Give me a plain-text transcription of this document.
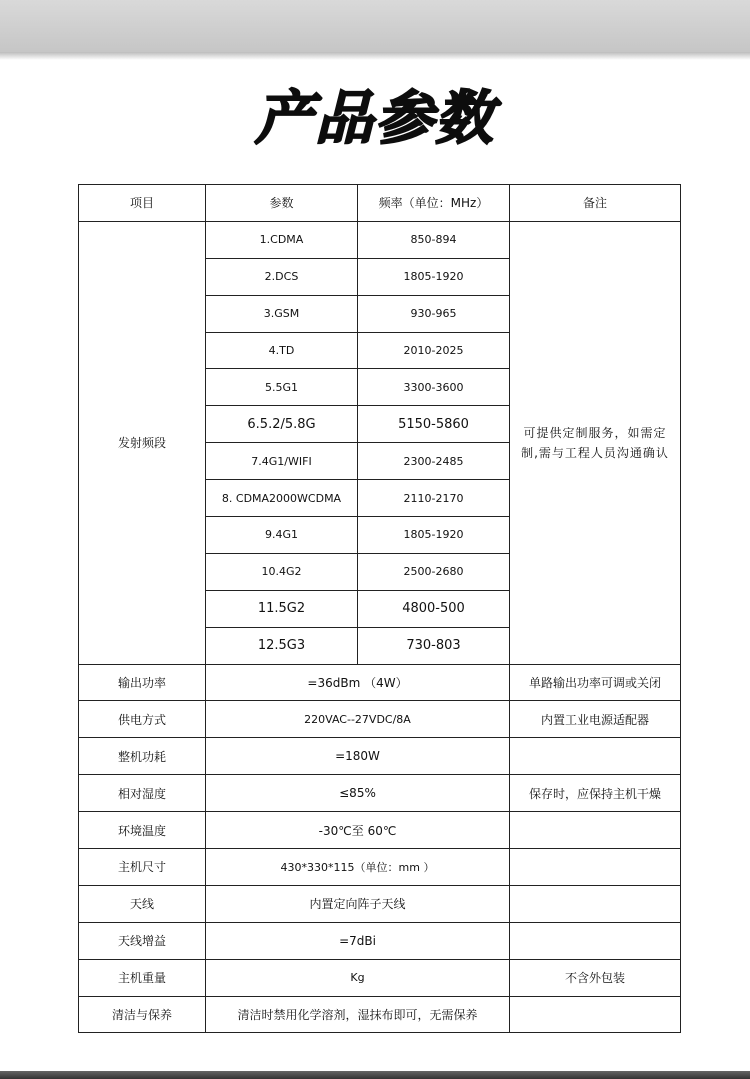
产品参数
项目	参数	频率（单位：MHz）	备注
发射频段	1.CDMA	850-894	可提供定制服务，如需定制,需与工程人员沟通确认
	2.DCS	1805-1920	
	3.GSM	930-965	
	4.TD	2010-2025	
	5.5G1	3300-3600	
	6.5.2/5.8G	5150-5860	
	7.4G1/WIFI	2300-2485	
	8. CDMA2000WCDMA	2110-2170	
	9.4G1	1805-1920	
	10.4G2	2500-2680	
	11.5G2	4800-500	
	12.5G3	730-803	
输出功率	=36dBm （4W）		单路输出功率可调或关闭
供电方式	220VAC--27VDC/8A		内置工业电源适配器
整机功耗	=180W		
相对湿度	≤85%		保存时，应保持主机干燥
环境温度	-30℃至 60℃		
主机尺寸	430*330*115（单位：mm ）		
天线	内置定向阵子天线		
天线增益	=7dBi		
主机重量	Kg		不含外包装
清洁与保养	清洁时禁用化学溶剂，湿抹布即可，无需保养		
